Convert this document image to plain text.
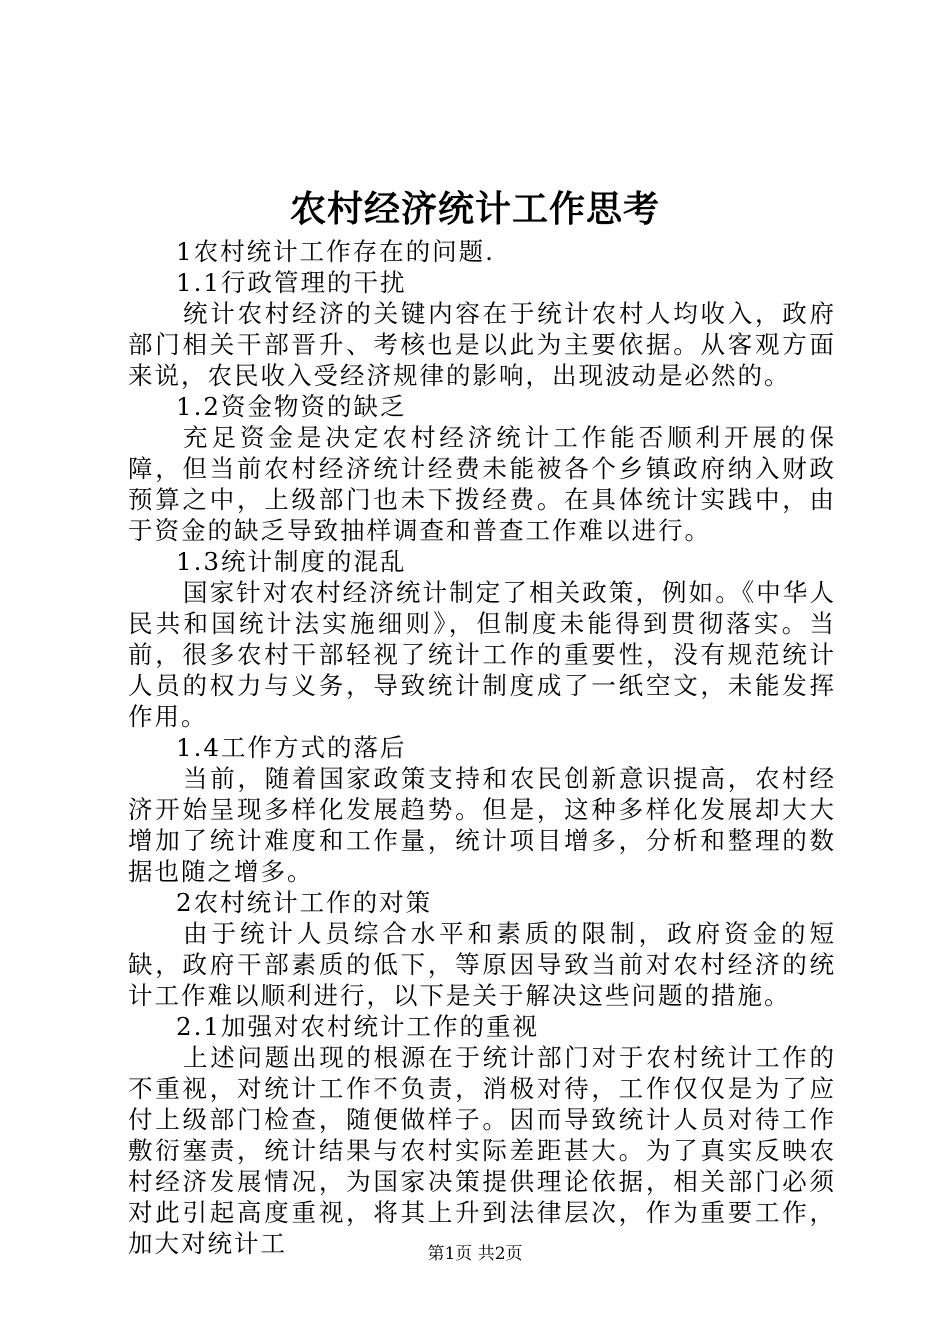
农村经济统计工作思考

1农村统计工作存在的问题.

1.1行政管理的干扰

统计农村经济的关键内容在于统计农村人均收入，政府部门相关干部晋升、考核也是以此为主要依据。从客观方面来说，农民收入受经济规律的影响，出现波动是必然的。

1.2资金物资的缺乏

充足资金是决定农村经济统计工作能否顺利开展的保障，但当前农村经济统计经费未能被各个乡镇政府纳入财政预算之中，上级部门也未下拨经费。在具体统计实践中，由于资金的缺乏导致抽样调查和普查工作难以进行。

1.3统计制度的混乱

国家针对农村经济统计制定了相关政策，例如。《中华人民共和国统计法实施细则》，但制度未能得到贯彻落实。当前，很多农村干部轻视了统计工作的重要性，没有规范统计人员的权力与义务，导致统计制度成了一纸空文，未能发挥作用。

1.4工作方式的落后

当前，随着国家政策支持和农民创新意识提高，农村经济开始呈现多样化发展趋势。但是，这种多样化发展却大大增加了统计难度和工作量，统计项目增多，分析和整理的数据也随之增多。

2农村统计工作的对策

由于统计人员综合水平和素质的限制，政府资金的短缺，政府干部素质的低下，等原因导致当前对农村经济的统计工作难以顺利进行，以下是关于解决这些问题的措施。

2.1加强对农村统计工作的重视

上述问题出现的根源在于统计部门对于农村统计工作的不重视，对统计工作不负责，消极对待，工作仅仅是为了应付上级部门检查，随便做样子。因而导致统计人员对待工作敷衍塞责，统计结果与农村实际差距甚大。为了真实反映农村经济发展情况，为国家决策提供理论依据，相关部门必须对此引起高度重视，将其上升到法律层次，作为重要工作，加大对统计工	第1页 共2页
